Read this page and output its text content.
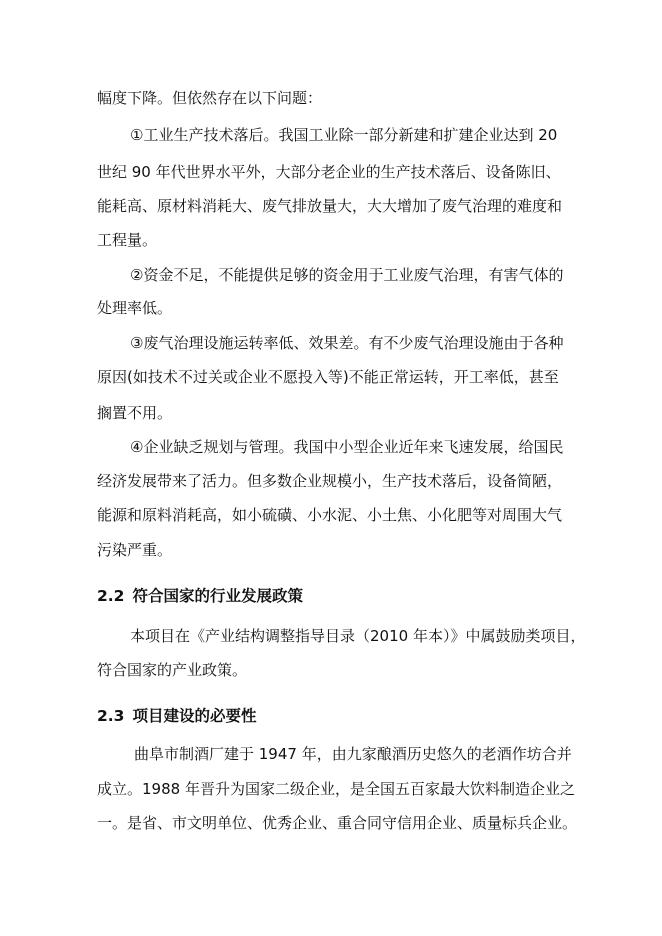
幅度下降。但依然存在以下问题：
①工业生产技术落后。我国工业除一部分新建和扩建企业达到 20
世纪 90 年代世界水平外，大部分老企业的生产技术落后、设备陈旧、
能耗高、原材料消耗大、废气排放量大，大大增加了废气治理的难度和
工程量。
②资金不足，不能提供足够的资金用于工业废气治理，有害气体的
处理率低。
③废气治理设施运转率低、效果差。有不少废气治理设施由于各种
原因(如技术不过关或企业不愿投入等)不能正常运转，开工率低，甚至
搁置不用。
④企业缺乏规划与管理。我国中小型企业近年来飞速发展，给国民
经济发展带来了活力。但多数企业规模小，生产技术落后，设备简陋，
能源和原料消耗高，如小硫磺、小水泥、小土焦、小化肥等对周围大气
污染严重。
2.2 符合国家的行业发展政策
本项目在《产业结构调整指导目录（2010 年本）》中属鼓励类项目，
符合国家的产业政策。
2.3 项目建设的必要性
曲阜市制酒厂建于 1947 年，由九家酿酒历史悠久的老酒作坊合并
成立。1988 年晋升为国家二级企业，是全国五百家最大饮料制造企业之
一。是省、市文明单位、优秀企业、重合同守信用企业、质量标兵企业。
